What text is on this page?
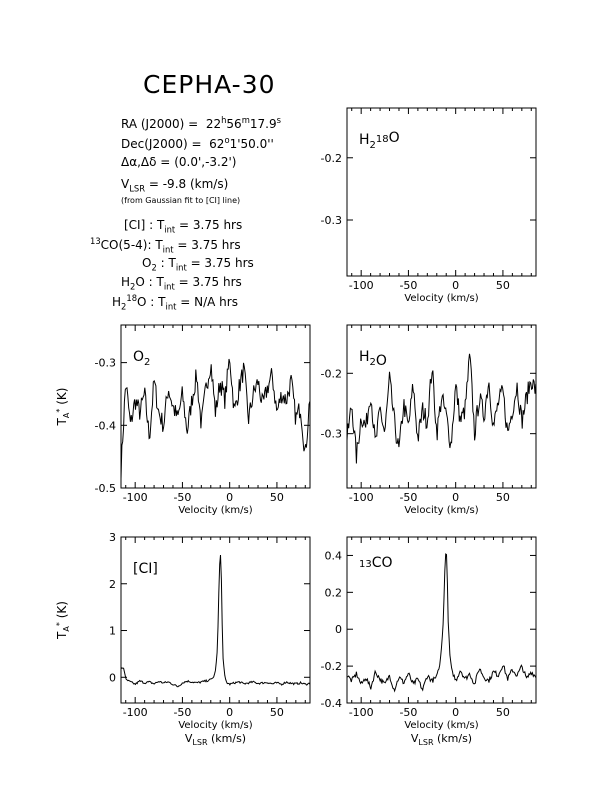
CEPHA-30
RA $(J2000) = 22^h56^m17.9^s$
$Dec(J2000) = 62^o1'50.0''$
Δα,Δδ = (0.0',-3.2')
$V_{LSR} = -9.8$ (km/s)
(from Gaussian fit to [CI] line)
[CI] : $T_{int} = 3.75$ hrs
$^{13}$CO(5-4): $T_{int} = 3.75$ hrs
$O_2$ : $T_{int} = 3.75$ hrs
$H_2O$ : $T_{int} = 3.75$ hrs
$H_2^{18}O$ : $T_{int} = N/A$ hrs
-100 -50	0	50
Velocity (km/s)
-0.2
-0.3
$H_2^{18}O$
-100 -50	0	50
Velocity (km/s)
-0.3
-0.4
-0.5
$T_A^*$ (K)
$O_2$
-100 -50	0	50
Velocity (km/s)
-0.2
-0.3
$H_2O$
-100 -50	0	50
Velocity (km/s)
$V_{LSR}$ (km/s)
0
1
2
3
$T_A^*$ (K)
[CI]
-100 -50	0	50
Velocity (km/s)
$V_{LSR}$ (km/s)
-0.4
-0.2
0
0.2
0.4
$^{13}$CO
